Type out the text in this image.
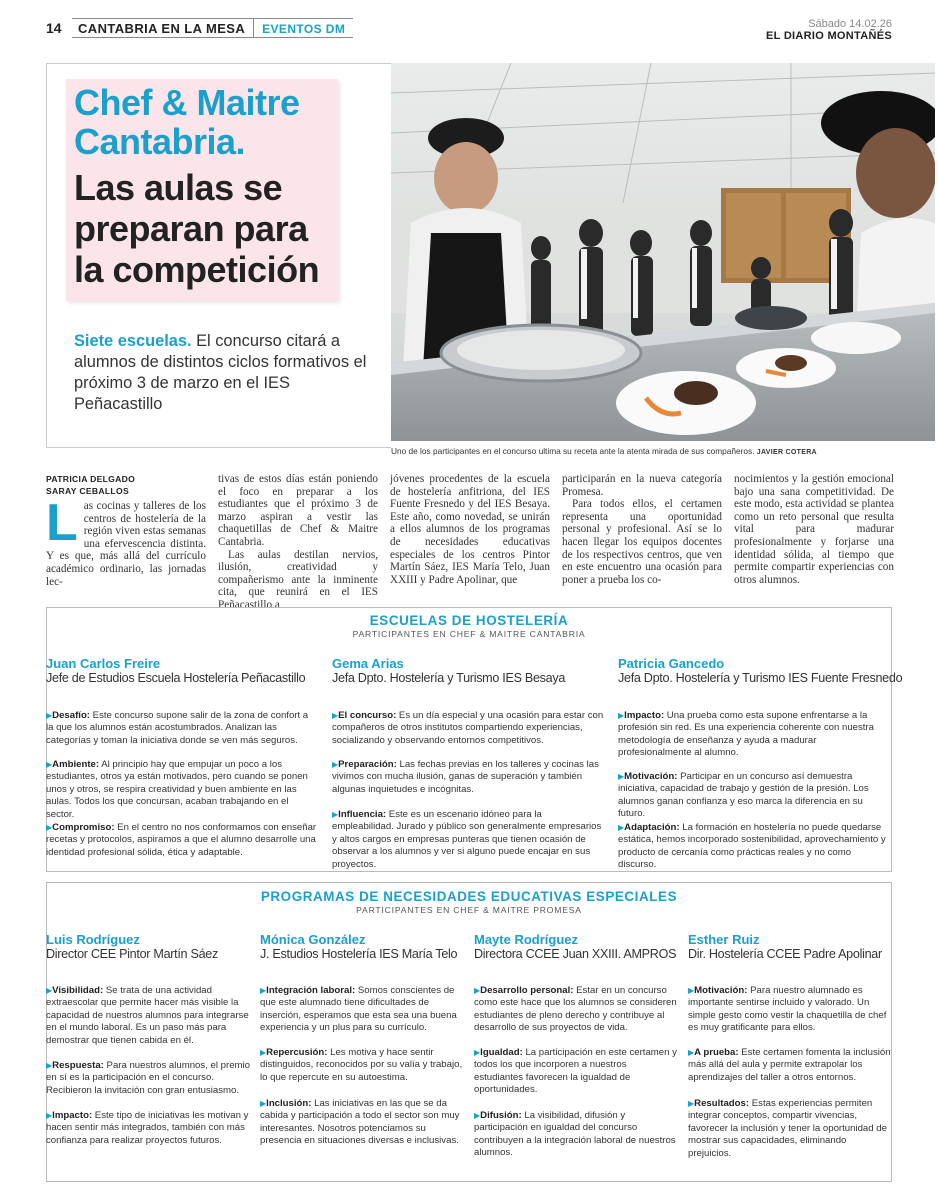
14	CANTABRIA EN LA MESA	EVENTOS DM	Sábado 14.02.26
EL DIARIO MONTAÑÉS
Chef & Maitre
Cantabria.
Las aulas se preparan para la competición
Siete escuelas. El concurso citará a alumnos de distintos ciclos formativos el próximo 3 de marzo en el IES Peñacastillo
Uno de los participantes en el concurso ultima su receta ante la atenta mirada de sus compañeros. JAVIER COTERA
PATRICIA DELGADO
SARAY CEBALLOS
Las cocinas y talleres de los centros de hostelería de la región viven estas semanas una efervescencia distinta. Y es que, más allá del currículo académico ordinario, las jornadas lec-

tivas de estos días están poniendo el foco en preparar a los estudiantes que el próximo 3 de marzo aspiran a vestir las chaquetillas de Chef & Maitre Cantabria.

Las aulas destilan nervios, ilusión, creatividad y compañerismo ante la inminente cita, que reunirá en el IES Peñacastillo a

jóvenes procedentes de la escuela de hostelería anfitriona, del IES Fuente Fresnedo y del IES Besaya. Este año, como novedad, se unirán a ellos alumnos de los programas de necesidades educativas especiales de los centros Pintor Martín Sáez, IES María Telo, Juan XXIII y Padre Apolinar, que

participarán en la nueva categoría Promesa.

Para todos ellos, el certamen representa una oportunidad personal y profesional. Así se lo hacen llegar los equipos docentes de los respectivos centros, que ven en este encuentro una ocasión para poner a prueba los co-

nocimientos y la gestión emocional bajo una sana competitividad. De este modo, esta actividad se plantea como un reto personal que resulta vital para madurar profesionalmente y forjarse una identidad sólida, al tiempo que permite compartir experiencias con otros alumnos.

ESCUELAS DE HOSTELERÍA
PARTICIPANTES EN CHEF & MAITRE CANTABRIA
Juan Carlos Freire
Jefe de Estudios Escuela Hostelería Peñacastillo
Gema Arias
Jefa Dpto. Hostelería y Turismo IES Besaya
Patricia Gancedo
Jefa Dpto. Hostelería y Turismo IES Fuente Fresnedo
▶Desafío: Este concurso supone salir de la zona de confort a la que los alumnos están acostumbrados. Analizan las categorías y toman la iniciativa donde se ven más seguros.
▶Ambiente: Al principio hay que empujar un poco a los estudiantes, otros ya están motivados, pero cuando se ponen unos y otros, se respira creatividad y buen ambiente en las aulas. Todos los que concursan, acaban trabajando en el sector.
▶Compromiso: En el centro no nos conformamos con enseñar recetas y protocolos, aspiramos a que el alumno desarrolle una identidad profesional sólida, ética y adaptable.
▶El concurso: Es un día especial y una ocasión para estar con compañeros de otros institutos compartiendo experiencias, socializando y observando entornos competitivos.
▶Preparación: Las fechas previas en los talleres y cocinas las vivimos con mucha ilusión, ganas de superación y también algunas inquietudes e incógnitas.
▶Influencia: Este es un escenario idóneo para la empleabilidad. Jurado y público son generalmente empresarios y altos cargos en empresas punteras que tienen ocasión de observar a los alumnos y ver si alguno puede encajar en sus proyectos.
▶Impacto: Una prueba como esta supone enfrentarse a la profesión sin red. Es una experiencia coherente con nuestra metodología de enseñanza y ayuda a madurar profesionalmente al alumno.
▶Motivación: Participar en un concurso así demuestra iniciativa, capacidad de trabajo y gestión de la presión. Los alumnos ganan confianza y eso marca la diferencia en su futuro.
▶Adaptación: La formación en hostelería no puede quedarse estática, hemos incorporado sostenibilidad, aprovechamiento y producto de cercanía como prácticas reales y no como discurso.
PROGRAMAS DE NECESIDADES EDUCATIVAS ESPECIALES
PARTICIPANTES EN CHEF & MAITRE PROMESA
Luis Rodríguez
Director CEE Pintor Martín Sáez
Mónica González
J. Estudios Hostelería IES María Telo
Mayte Rodríguez
Directora CCEE Juan XXIII. AMPROS
Esther Ruiz
Dir. Hostelería CCEE Padre Apolinar
▶Visibilidad: Se trata de una actividad extraescolar que permite hacer más visible la capacidad de nuestros alumnos para integrarse en el mundo laboral. Es un paso más para demostrar que tienen cabida en él.
▶Respuesta: Para nuestros alumnos, el premio en sí es la participación en el concurso. Recibieron la invitación con gran entusiasmo.
▶Impacto: Este tipo de iniciativas les motivan y hacen sentir más integrados, también con más confianza para realizar proyectos futuros.
▶Integración laboral: Somos conscientes de que este alumnado tiene dificultades de inserción, esperamos que esta sea una buena experiencia y un plus para su currículo.
▶Repercusión: Les motiva y hace sentir distinguidos, reconocidos por su valía y trabajo, lo que repercute en su autoestima.
▶Inclusión: Las iniciativas en las que se da cabida y participación a todo el sector son muy interesantes. Nosotros potenciamos su presencia en situaciones diversas e inclusivas.
▶Desarrollo personal: Estar en un concurso como este hace que los alumnos se consideren estudiantes de pleno derecho y contribuye al desarrollo de sus proyectos de vida.
▶Igualdad: La participación en este certamen y todos los que incorporen a nuestros estudiantes favorecen la igualdad de oportunidades.
▶Difusión: La visibilidad, difusión y participación en igualdad del concurso contribuyen a la integración laboral de nuestros alumnos.
▶Motivación: Para nuestro alumnado es importante sentirse incluido y valorado. Un simple gesto como vestir la chaquetilla de chef es muy gratificante para ellos.
▶A prueba: Este certamen fomenta la inclusión más allá del aula y permite extrapolar los aprendizajes del taller a otros entornos.
▶Resultados: Estas experiencias permiten integrar conceptos, compartir vivencias, favorecer la inclusión y tener la oportunidad de mostrar sus capacidades, eliminando prejuicios.
